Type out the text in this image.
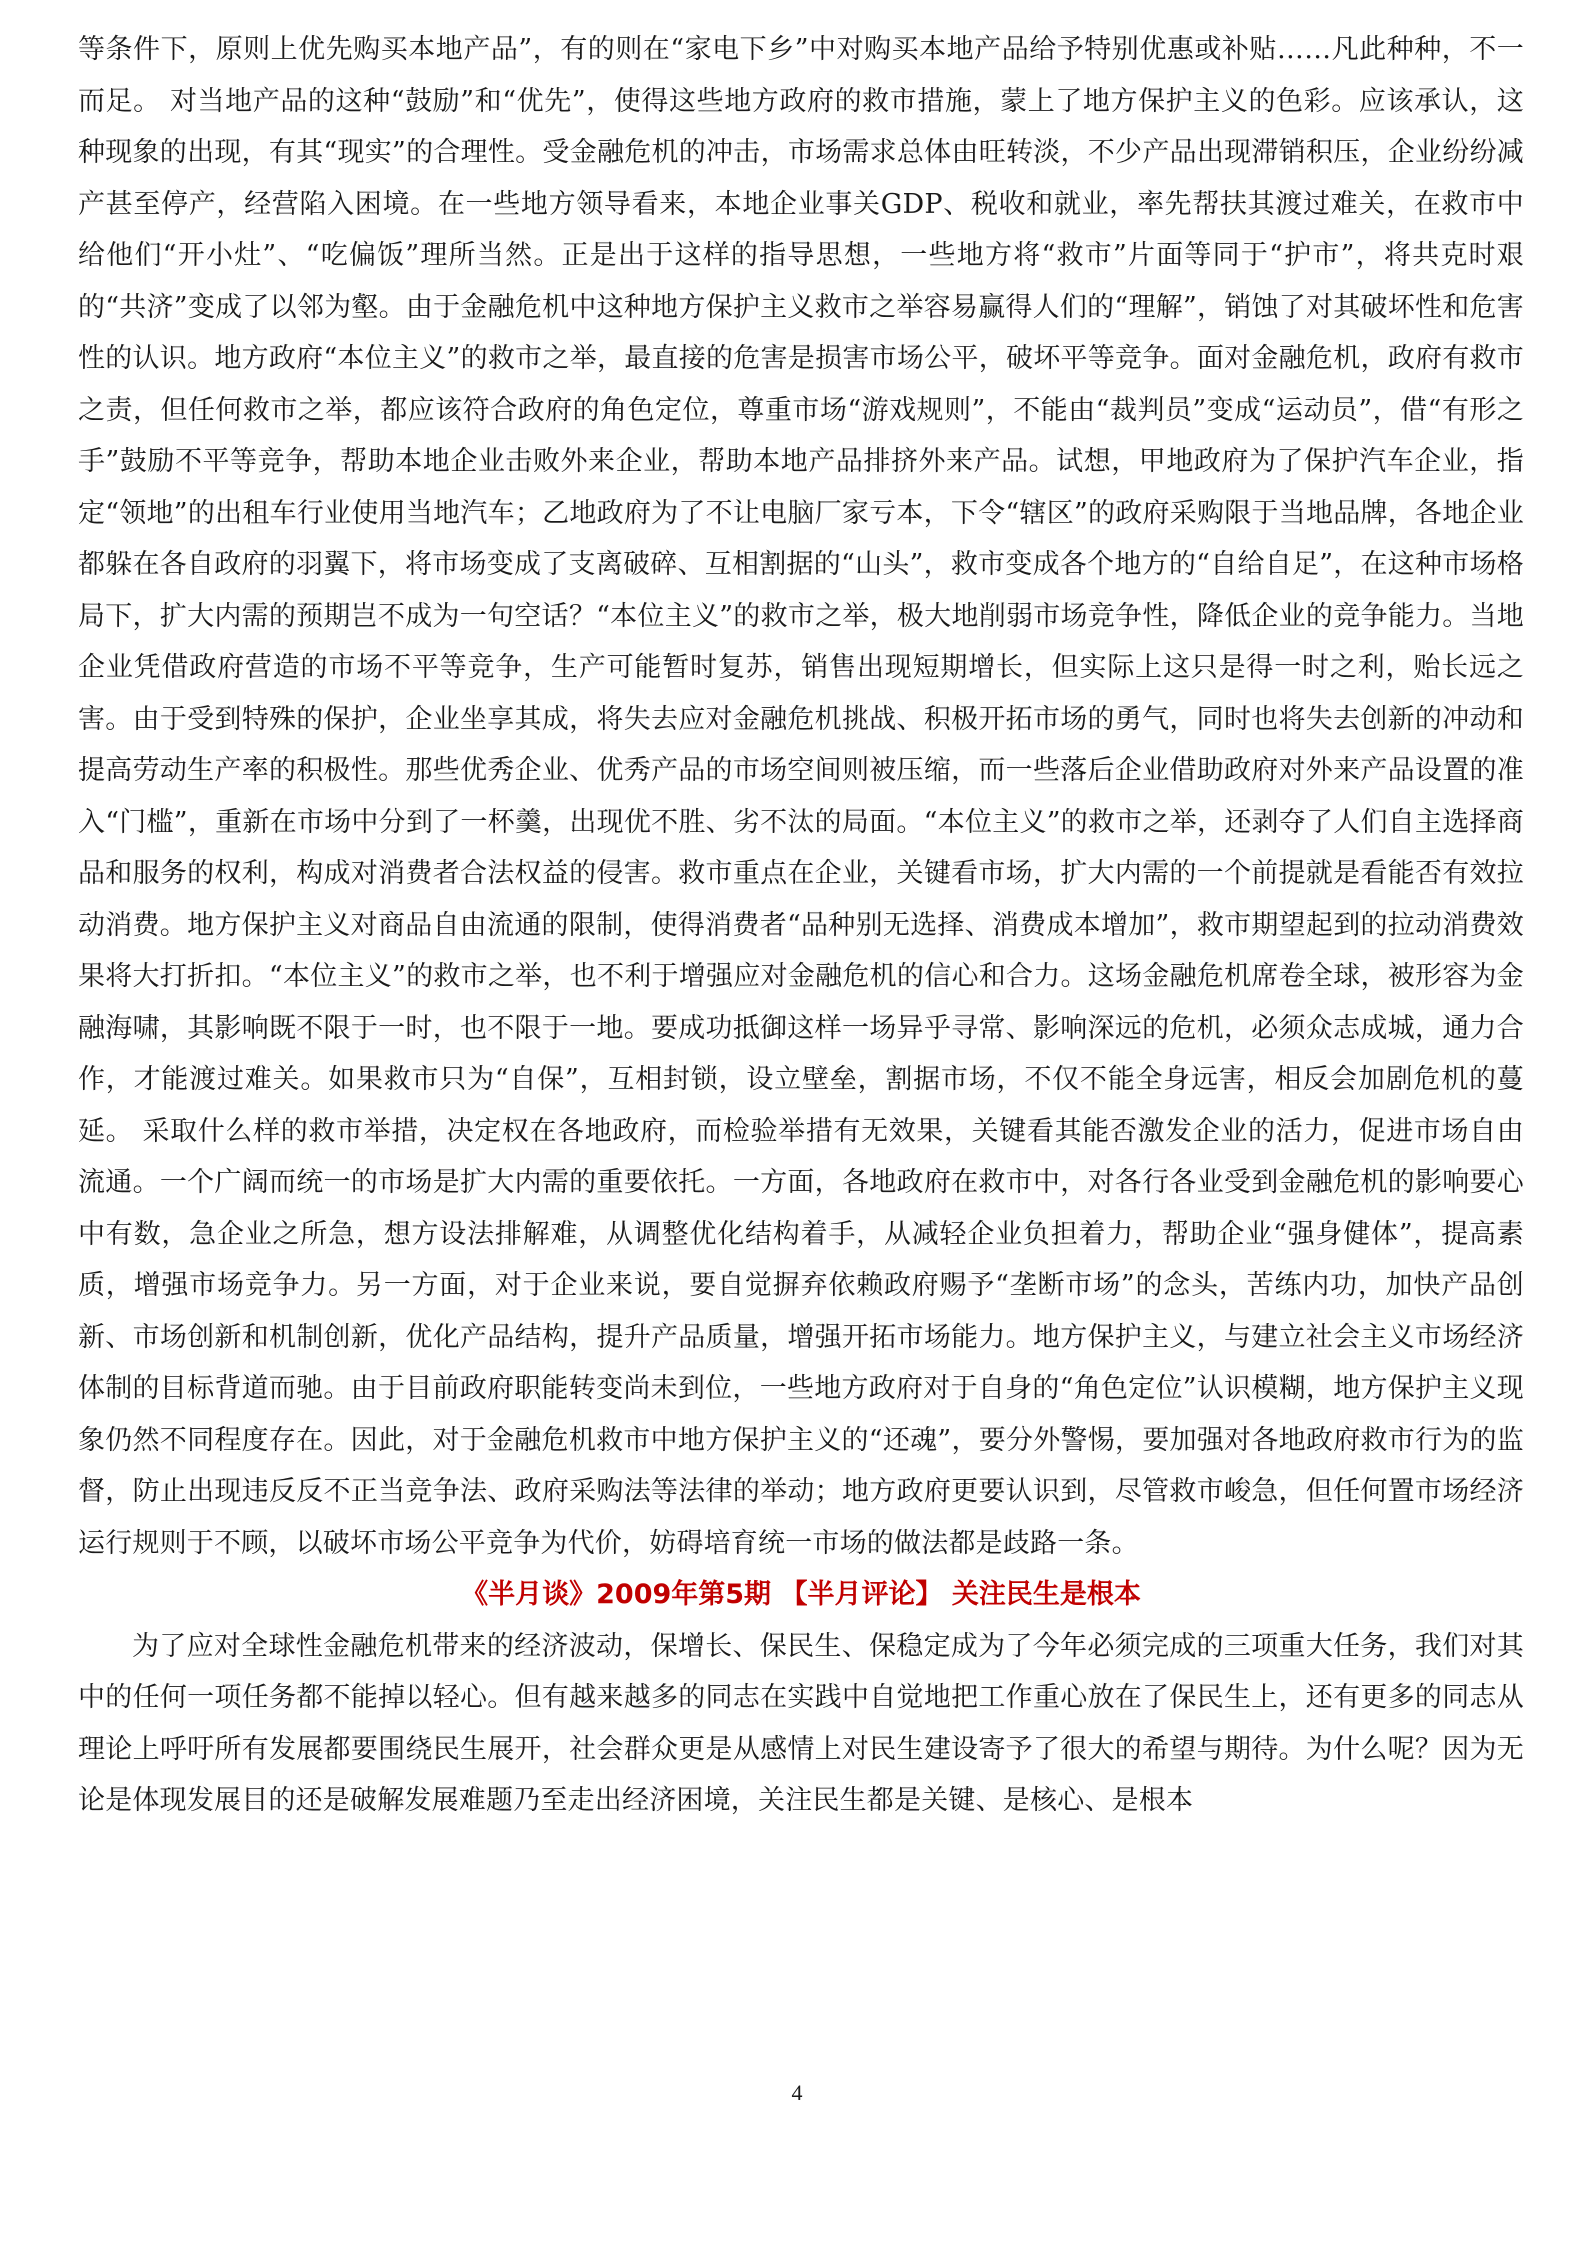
等条件下，原则上优先购买本地产品”，有的则在“家电下乡”中对购买本地产品给予特别优惠或补贴……凡此种种，不一而足。 对当地产品的这种“鼓励”和“优先”，使得这些地方政府的救市措施，蒙上了地方保护主义的色彩。应该承认，这种现象的出现，有其“现实”的合理性。受金融危机的冲击，市场需求总体由旺转淡，不少产品出现滞销积压，企业纷纷减产甚至停产，经营陷入困境。在一些地方领导看来，本地企业事关GDP、税收和就业，率先帮扶其渡过难关，在救市中给他们“开小灶”、“吃偏饭”理所当然。正是出于这样的指导思想，一些地方将“救市”片面等同于“护市”，将共克时艰的“共济”变成了以邻为壑。由于金融危机中这种地方保护主义救市之举容易赢得人们的“理解”，销蚀了对其破坏性和危害性的认识。地方政府“本位主义”的救市之举，最直接的危害是损害市场公平，破坏平等竞争。面对金融危机，政府有救市之责，但任何救市之举，都应该符合政府的角色定位，尊重市场“游戏规则”，不能由“裁判员”变成“运动员”，借“有形之手”鼓励不平等竞争，帮助本地企业击败外来企业，帮助本地产品排挤外来产品。试想，甲地政府为了保护汽车企业，指定“领地”的出租车行业使用当地汽车；乙地政府为了不让电脑厂家亏本，下令“辖区”的政府采购限于当地品牌，各地企业都躲在各自政府的羽翼下，将市场变成了支离破碎、互相割据的“山头”，救市变成各个地方的“自给自足”，在这种市场格局下，扩大内需的预期岂不成为一句空话？“本位主义”的救市之举，极大地削弱市场竞争性，降低企业的竞争能力。当地企业凭借政府营造的市场不平等竞争，生产可能暂时复苏，销售出现短期增长，但实际上这只是得一时之利，贻长远之害。由于受到特殊的保护，企业坐享其成，将失去应对金融危机挑战、积极开拓市场的勇气，同时也将失去创新的冲动和提高劳动生产率的积极性。那些优秀企业、优秀产品的市场空间则被压缩，而一些落后企业借助政府对外来产品设置的准入“门槛”，重新在市场中分到了一杯羹，出现优不胜、劣不汰的局面。“本位主义”的救市之举，还剥夺了人们自主选择商品和服务的权利，构成对消费者合法权益的侵害。救市重点在企业，关键看市场，扩大内需的一个前提就是看能否有效拉动消费。地方保护主义对商品自由流通的限制，使得消费者“品种别无选择、消费成本增加”，救市期望起到的拉动消费效果将大打折扣。“本位主义”的救市之举，也不利于增强应对金融危机的信心和合力。这场金融危机席卷全球，被形容为金融海啸，其影响既不限于一时，也不限于一地。要成功抵御这样一场异乎寻常、影响深远的危机，必须众志成城，通力合作，才能渡过难关。如果救市只为“自保”，互相封锁，设立壁垒，割据市场，不仅不能全身远害，相反会加剧危机的蔓延。 采取什么样的救市举措，决定权在各地政府，而检验举措有无效果，关键看其能否激发企业的活力，促进市场自由流通。一个广阔而统一的市场是扩大内需的重要依托。一方面，各地政府在救市中，对各行各业受到金融危机的影响要心中有数，急企业之所急，想方设法排解难，从调整优化结构着手，从减轻企业负担着力，帮助企业“强身健体”，提高素质，增强市场竞争力。另一方面，对于企业来说，要自觉摒弃依赖政府赐予“垄断市场”的念头，苦练内功，加快产品创新、市场创新和机制创新，优化产品结构，提升产品质量，增强开拓市场能力。地方保护主义，与建立社会主义市场经济体制的目标背道而驰。由于目前政府职能转变尚未到位，一些地方政府对于自身的“角色定位”认识模糊，地方保护主义现象仍然不同程度存在。因此，对于金融危机救市中地方保护主义的“还魂”，要分外警惕，要加强对各地政府救市行为的监督，防止出现违反反不正当竞争法、政府采购法等法律的举动；地方政府更要认识到，尽管救市峻急，但任何置市场经济运行规则于不顾，以破坏市场公平竞争为代价，妨碍培育统一市场的做法都是歧路一条。

《半月谈》2009年第5期 【半月评论】 关注民生是根本

为了应对全球性金融危机带来的经济波动，保增长、保民生、保稳定成为了今年必须完成的三项重大任务，我们对其中的任何一项任务都不能掉以轻心。但有越来越多的同志在实践中自觉地把工作重心放在了保民生上，还有更多的同志从理论上呼吁所有发展都要围绕民生展开，社会群众更是从感情上对民生建设寄予了很大的希望与期待。为什么呢？因为无论是体现发展目的还是破解发展难题乃至走出经济困境，关注民生都是关键、是核心、是根本

4
